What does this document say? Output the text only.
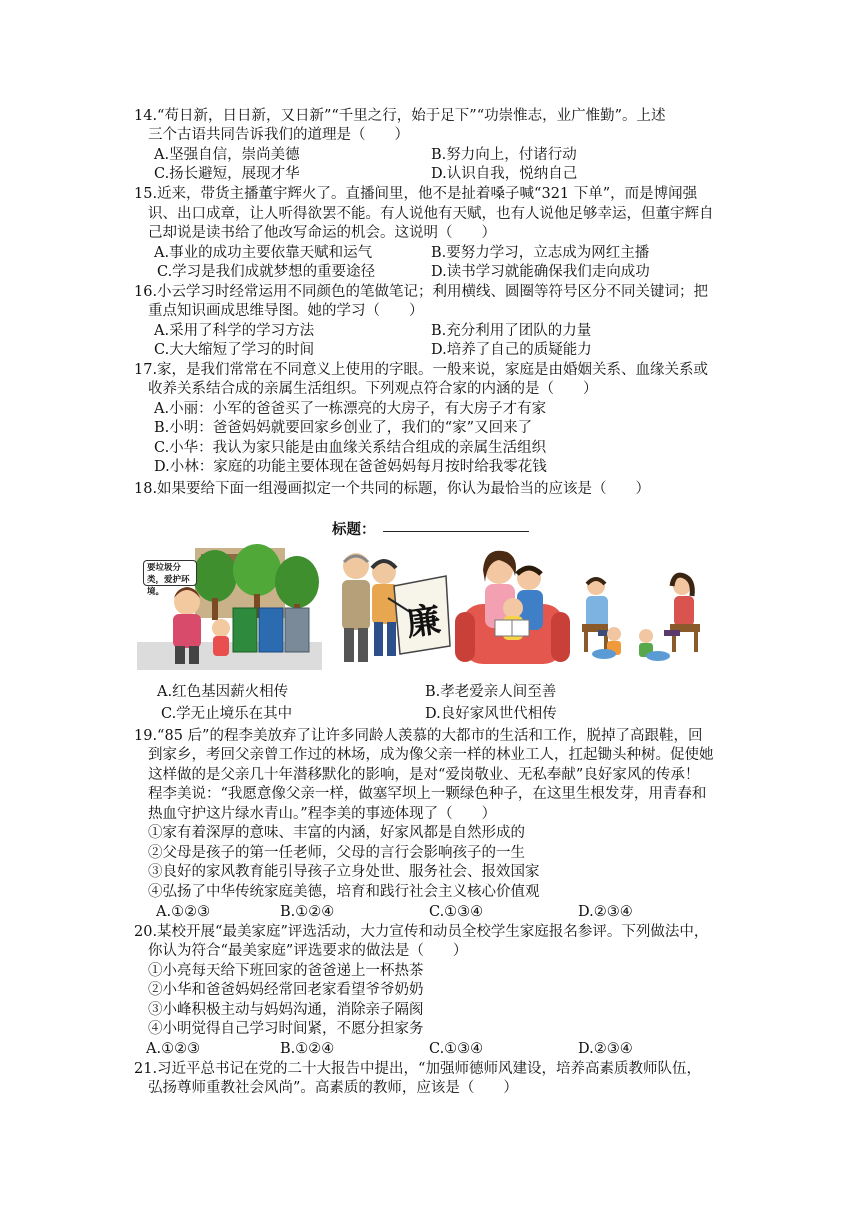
14.“苟日新，日日新，又日新”“千里之行，始于足下”“功崇惟志，业广惟勤”。上述
三个古语共同告诉我们的道理是（　　）
A.坚强自信，崇尚美德	B.努力向上，付诸行动
C.扬长避短，展现才华	D.认识自我，悦纳自己
15.近来，带货主播董宇辉火了。直播间里，他不是扯着嗓子喊“321 下单”，而是博闻强
识、出口成章，让人听得欲罢不能。有人说他有天赋，也有人说他足够幸运，但董宇辉自
己却说是读书给了他改写命运的机会。这说明（　　）
A.事业的成功主要依靠天赋和运气	B.要努力学习，立志成为网红主播
C.学习是我们成就梦想的重要途径	D.读书学习就能确保我们走向成功
16.小云学习时经常运用不同颜色的笔做笔记；利用横线、圆圈等符号区分不同关键词；把
重点知识画成思维导图。她的学习（　　）
A.采用了科学的学习方法	B.充分利用了团队的力量
C.大大缩短了学习的时间	D.培养了自己的质疑能力
17.家，是我们常常在不同意义上使用的字眼。一般来说，家庭是由婚姻关系、血缘关系或
收养关系结合成的亲属生活组织。下列观点符合家的内涵的是（　　）
A.小丽：小军的爸爸买了一栋漂亮的大房子，有大房子才有家
B.小明：爸爸妈妈就要回家乡创业了，我们的“家”又回来了
C.小华：我认为家只能是由血缘关系结合组成的亲属生活组织
D.小林：家庭的功能主要体现在爸爸妈妈每月按时给我零花钱
18.如果要给下面一组漫画拟定一个共同的标题，你认为最恰当的应该是（　　）
标题：
要垃圾分类，爱护环境。
廉
A.红色基因薪火相传	B.孝老爱亲人间至善
C.学无止境乐在其中	D.良好家风世代相传
19.“85 后”的程李美放弃了让许多同龄人羡慕的大都市的生活和工作，脱掉了高跟鞋，回
到家乡，考回父亲曾工作过的林场，成为像父亲一样的林业工人，扛起锄头种树。促使她
这样做的是父亲几十年潜移默化的影响，是对“爱岗敬业、无私奉献”良好家风的传承！
程李美说：“我愿意像父亲一样，做塞罕坝上一颗绿色种子，在这里生根发芽，用青春和
热血守护这片绿水青山。”程李美的事迹体现了（　　）
①家有着深厚的意味、丰富的内涵，好家风都是自然形成的
②父母是孩子的第一任老师，父母的言行会影响孩子的一生
③良好的家风教育能引导孩子立身处世、服务社会、报效国家
④弘扬了中华传统家庭美德，培育和践行社会主义核心价值观
A.①②③	B.①②④	C.①③④	D.②③④
20.某校开展“最美家庭”评选活动，大力宣传和动员全校学生家庭报名参评。下列做法中，
你认为符合“最美家庭”评选要求的做法是（　　）
①小亮每天给下班回家的爸爸递上一杯热茶
②小华和爸爸妈妈经常回老家看望爷爷奶奶
③小峰积极主动与妈妈沟通，消除亲子隔阂
④小明觉得自己学习时间紧，不愿分担家务
A.①②③	B.①②④	C.①③④	D.②③④
21.习近平总书记在党的二十大报告中提出，“加强师德师风建设，培养高素质教师队伍，
弘扬尊师重教社会风尚”。高素质的教师，应该是（　　）
